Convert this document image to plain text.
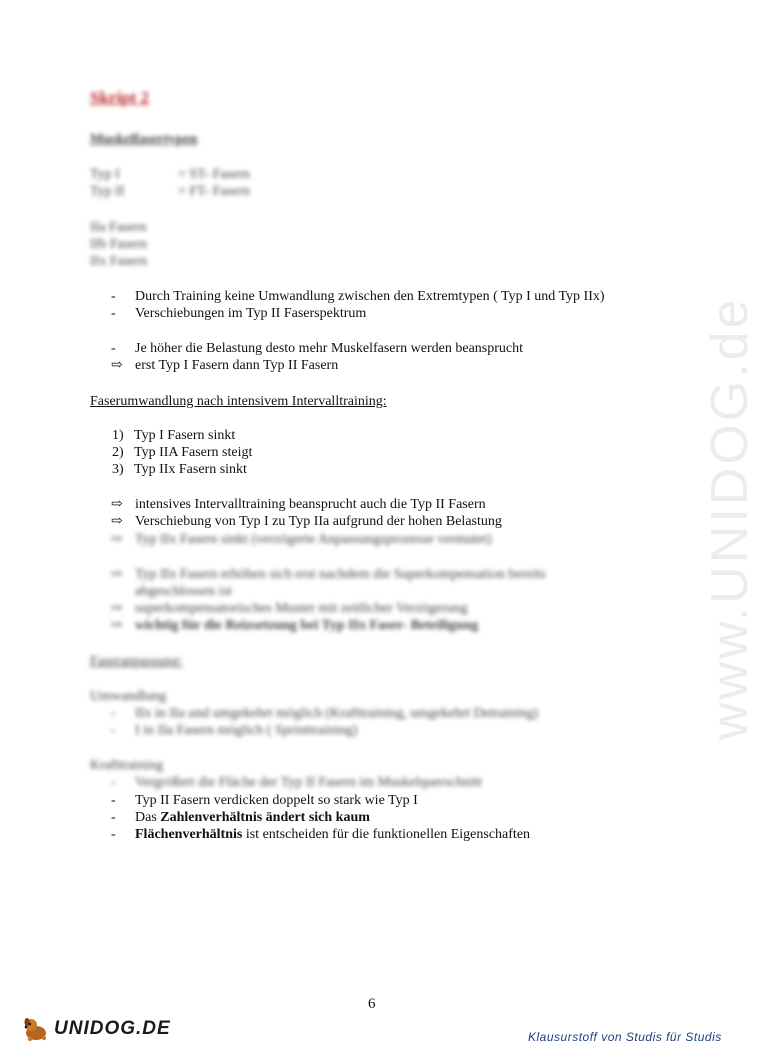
www.UNIDOG.de
Skript 2
Muskelfasertypen
Typ I	= ST- Fasern
Typ II	= FT- Fasern
IIa Fasern
IIb Fasern
IIx Fasern
- Durch Training keine Umwandlung zwischen den Extremtypen ( Typ I und Typ IIx)
- Verschiebungen im Typ II Faserspektrum
- Je höher die Belastung desto mehr Muskelfasern werden beansprucht
⇨ erst Typ I Fasern dann Typ II Fasern
Faserumwandlung nach intensivem Intervalltraining:
1) Typ I Fasern sinkt
2) Typ IIA Fasern steigt
3) Typ IIx Fasern sinkt
⇨ intensives Intervalltraining beansprucht auch die Typ II Fasern
⇨ Verschiebung von Typ I zu Typ IIa aufgrund der hohen Belastung
⇨ Typ IIx Fasern sinkt (verzögerte Anpassungsprozesse vermutet)
⇨ Typ IIx Fasern erhöhen sich erst nachdem die Superkompensation bereits
abgeschlossen ist
⇨ superkompensatorisches Muster mit zeitlicher Verzögerung
⇨ wichtig für die Reizsetzung bei Typ IIx Faser- Beteiligung
Faseranpassung:
Umwandlung
- IIx in IIa und umgekehrt möglich (Krafttraining, umgekehrt Detraining)
- I in IIa Fasern möglich ( Sprinttraining)
Krafttraining
- Vergrößert die Fläche der Typ II Fasern im Muskelquerschnitt
- Typ II Fasern verdicken doppelt so stark wie Typ I
- Das Zahlenverhältnis ändert sich kaum
- Flächenverhältnis ist entscheiden für die funktionellen Eigenschaften
6
UNIDOG.DE	Klausurstoff von Studis für Studis
